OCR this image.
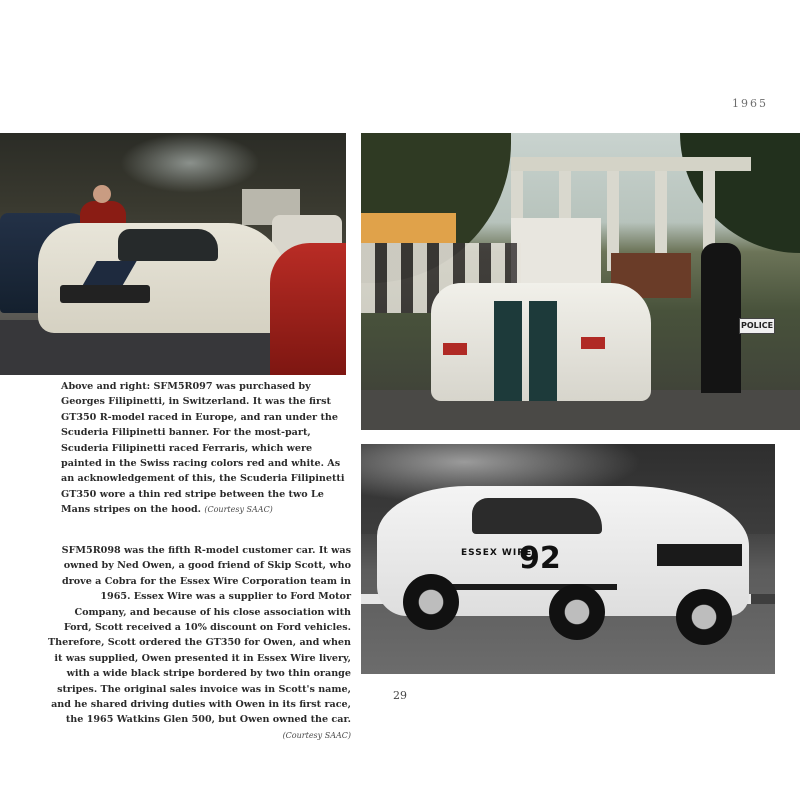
1965
POLICE
ESSEX WIRE
92
Above and right: SFM5R097 was purchased by Georges Filipinetti, in Switzerland. It was the first GT350 R-model raced in Europe, and ran under the Scuderia Filipinetti banner. For the most-part, Scuderia Filipinetti raced Ferraris, which were painted in the Swiss racing colors red and white. As an acknowledgement of this, the Scuderia Filipinetti GT350 wore a thin red stripe between the two Le Mans stripes on the hood. (Courtesy SAAC)
SFM5R098 was the fifth R-model customer car. It was owned by Ned Owen, a good friend of Skip Scott, who drove a Cobra for the Essex Wire Corporation team in 1965. Essex Wire was a supplier to Ford Motor Company, and because of his close association with Ford, Scott received a 10% discount on Ford vehicles. Therefore, Scott ordered the GT350 for Owen, and when it was supplied, Owen presented it in Essex Wire livery, with a wide black stripe bordered by two thin orange stripes. The original sales invoice was in Scott's name, and he shared driving duties with Owen in its first race, the 1965 Watkins Glen 500, but Owen owned the car. (Courtesy SAAC)
29
